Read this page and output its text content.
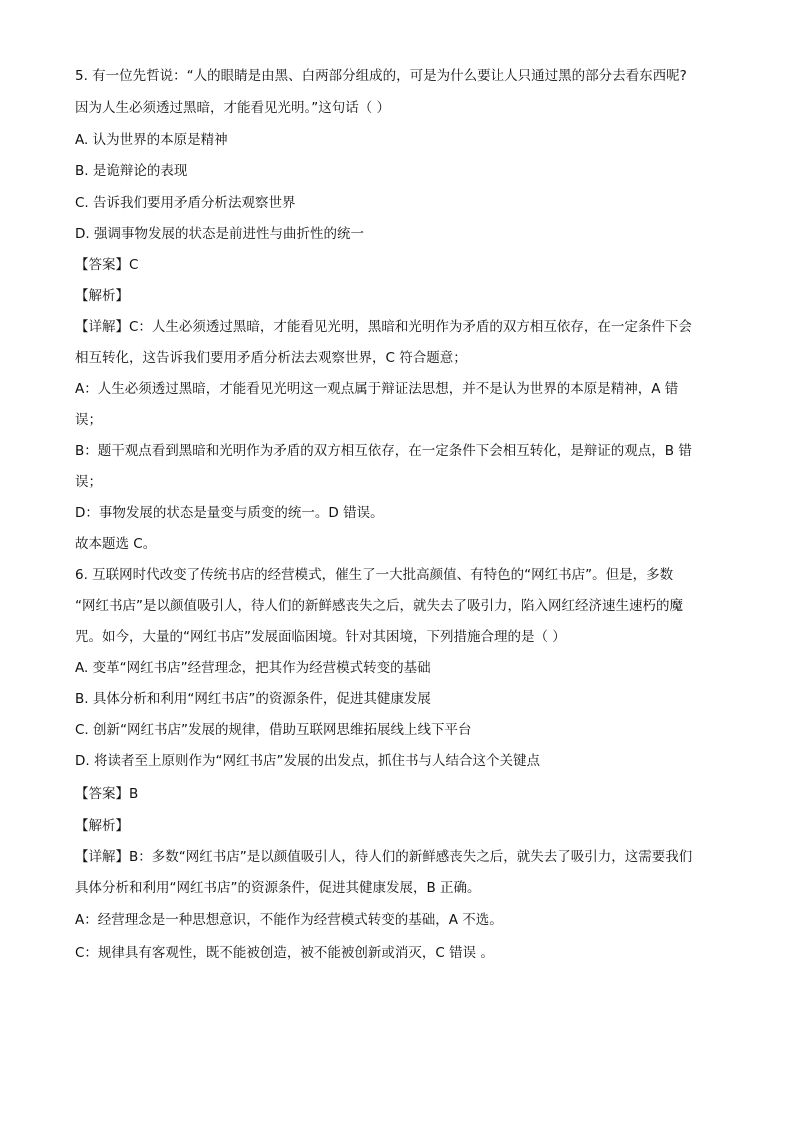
5. 有一位先哲说：“人的眼睛是由黑、白两部分组成的，可是为什么要让人只通过黑的部分去看东西呢?
因为人生必须透过黑暗，才能看见光明。”这句话（ ）
A. 认为世界的本原是精神
B. 是诡辩论的表现
C. 告诉我们要用矛盾分析法观察世界
D. 强调事物发展的状态是前进性与曲折性的统一
【答案】C
【解析】
【详解】C：人生必须透过黑暗，才能看见光明，黑暗和光明作为矛盾的双方相互依存，在一定条件下会
相互转化，这告诉我们要用矛盾分析法去观察世界，C 符合题意；
A：人生必须透过黑暗，才能看见光明这一观点属于辩证法思想，并不是认为世界的本原是精神，A 错
误；
B：题干观点看到黑暗和光明作为矛盾的双方相互依存，在一定条件下会相互转化，是辩证的观点，B 错
误；
D：事物发展的状态是量变与质变的统一。D 错误。
故本题选 C。
6. 互联网时代改变了传统书店的经营模式，催生了一大批高颜值、有特色的“网红书店”。但是，多数
“网红书店”是以颜值吸引人，待人们的新鲜感丧失之后，就失去了吸引力，陷入网红经济速生速朽的魔
咒。如今，大量的“网红书店”发展面临困境。针对其困境，下列措施合理的是（ ）
A. 变革“网红书店”经营理念，把其作为经营模式转变的基础
B. 具体分析和利用“网红书店”的资源条件，促进其健康发展
C. 创新“网红书店”发展的规律，借助互联网思维拓展线上线下平台
D. 将读者至上原则作为“网红书店”发展的出发点，抓住书与人结合这个关键点
【答案】B
【解析】
【详解】B：多数“网红书店”是以颜值吸引人，待人们的新鲜感丧失之后，就失去了吸引力，这需要我们
具体分析和利用“网红书店”的资源条件，促进其健康发展，B 正确。
A：经营理念是一种思想意识，不能作为经营模式转变的基础，A 不选。
C：规律具有客观性，既不能被创造，被不能被创新或消灭，C 错误 。
